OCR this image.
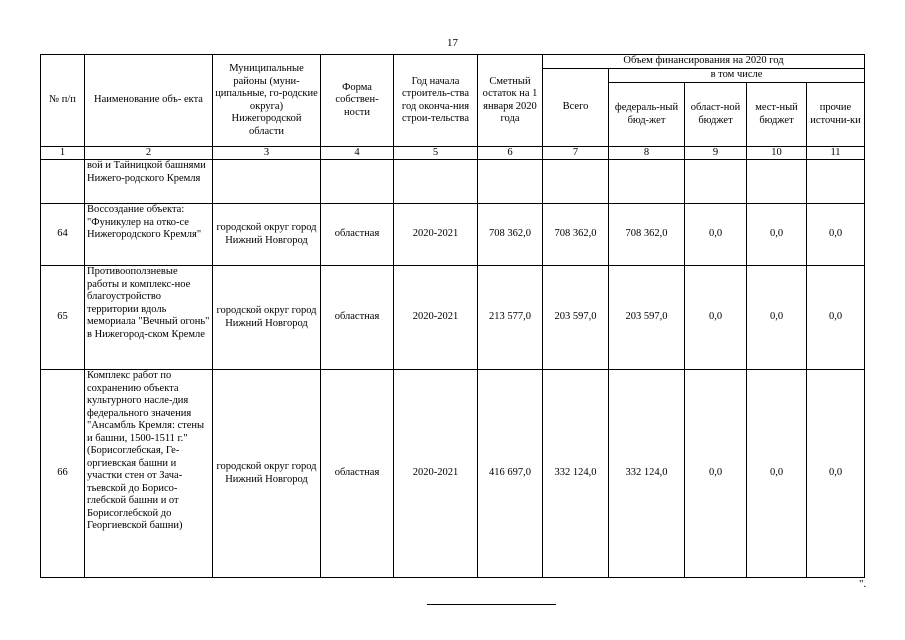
17
№ п/п	Наименование объ- екта	Муниципальные районы (муни-ципальные, го-родские округа) Нижегородской области	Форма собствен-ности	Год начала строитель-ства год оконча-ния строи-тельства	Сметный остаток на 1 января 2020 года	Объем финансирования на 2020 год				
						Всего	в том числе			
							федераль-ный бюд-жет	област-ной бюджет	мест-ный бюджет	прочие источни-ки
1	2	3	4	5	6	7	8	9	10	11
	вой и Тайницкой башнями Нижего-родского Кремля									
64	Воссоздание объекта: "Фуникулер на отко-се Нижегородского Кремля"	городской округ город Нижний Новгород	областная	2020-2021	708 362,0	708 362,0	708 362,0	0,0	0,0	0,0
65	Противооползневые работы и комплекс-ное благоустройство территории вдоль мемориала "Вечный огонь" в Нижегород-ском Кремле	городской округ город Нижний Новгород	областная	2020-2021	213 577,0	203 597,0	203 597,0	0,0	0,0	0,0
66	Комплекс работ по сохранению объекта культурного насле-дия федерального значения "Ансамбль Кремля: стены и башни, 1500-1511 г." (Борисоглебская, Ге-оргиевская башни и участки стен от Зача-тьевской до Борисо-глебской башни и от Борисоглебской до Георгиевской башни)	городской округ город Нижний Новгород	областная	2020-2021	416 697,0	332 124,0	332 124,0	0,0	0,0	0,0
".
